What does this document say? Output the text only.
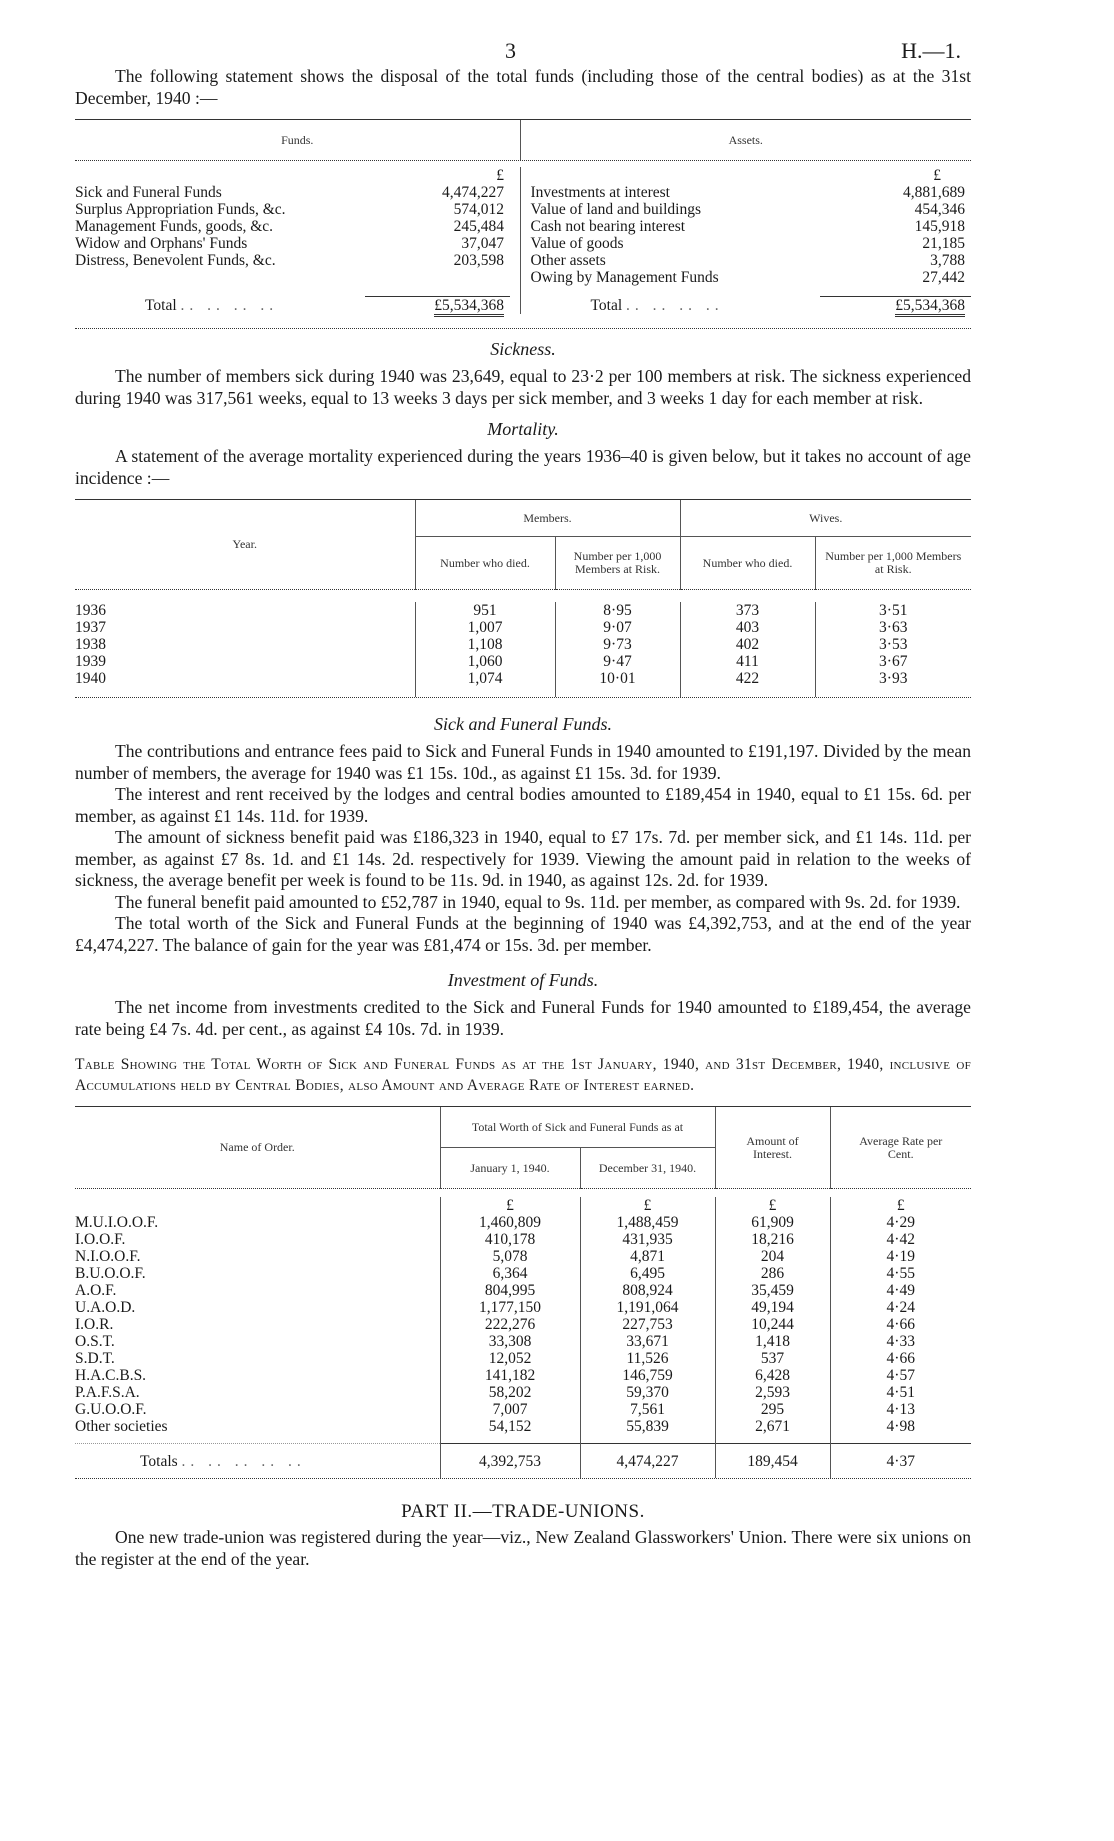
3	H.—1.

The following statement shows the disposal of the total funds (including those of the central bodies) as at the 31st December, 1940 :—

Funds.	Assets.
	£			£
Sick and Funeral Funds	4,474,227		Investments at interest	4,881,689
Surplus Appropriation Funds, &c.	574,012		Value of land and buildings	454,346
Management Funds, goods, &c.	245,484		Cash not bearing interest	145,918
Widow and Orphans' Funds	37,047		Value of goods	21,185
Distress, Benevolent Funds, &c.	203,598		Other assets	3,788
			Owing by Management Funds	27,442

Total .. .. .. ..	£5,534,368		Total .. .. .. ..	£5,534,368
Sickness.

The number of members sick during 1940 was 23,649, equal to 23·2 per 100 members at risk. The sickness experienced during 1940 was 317,561 weeks, equal to 13 weeks 3 days per sick member, and 3 weeks 1 day for each member at risk.

Mortality.

A statement of the average mortality experienced during the years 1936–40 is given below, but it takes no account of age incidence :—

Year.	Members.		Wives.	
	Number who died.	Number per 1,000 Members at Risk.	Number who died.	Number per 1,000 Members at Risk.

1936	951	8·95	373	3·51
1937	1,007	9·07	403	3·63
1938	1,108	9·73	402	3·53
1939	1,060	9·47	411	3·67
1940	1,074	10·01	422	3·93

Sick and Funeral Funds.

The contributions and entrance fees paid to Sick and Funeral Funds in 1940 amounted to £191,197. Divided by the mean number of members, the average for 1940 was £1 15s. 10d., as against £1 15s. 3d. for 1939.

The interest and rent received by the lodges and central bodies amounted to £189,454 in 1940, equal to £1 15s. 6d. per member, as against £1 14s. 11d. for 1939.

The amount of sickness benefit paid was £186,323 in 1940, equal to £7 17s. 7d. per member sick, and £1 14s. 11d. per member, as against £7 8s. 1d. and £1 14s. 2d. respectively for 1939. Viewing the amount paid in relation to the weeks of sickness, the average benefit per week is found to be 11s. 9d. in 1940, as against 12s. 2d. for 1939.

The funeral benefit paid amounted to £52,787 in 1940, equal to 9s. 11d. per member, as compared with 9s. 2d. for 1939.

The total worth of the Sick and Funeral Funds at the beginning of 1940 was £4,392,753, and at the end of the year £4,474,227. The balance of gain for the year was £81,474 or 15s. 3d. per member.

Investment of Funds.

The net income from investments credited to the Sick and Funeral Funds for 1940 amounted to £189,454, the average rate being £4 7s. 4d. per cent., as against £4 10s. 7d. in 1939.

Table Showing the Total Worth of Sick and Funeral Funds as at the 1st January, 1940, and 31st December, 1940, inclusive of Accumulations held by Central Bodies, also Amount and Average Rate of Interest earned.
Name of Order.	Total Worth of Sick and Funeral Funds as at		Amount of Interest.	Average Rate per Cent.
	January 1, 1940.	December 31, 1940.		

	£	£	£	£
M.U.I.O.O.F.	1,460,809	1,488,459	61,909	4·29
I.O.O.F.	410,178	431,935	18,216	4·42
N.I.O.O.F.	5,078	4,871	204	4·19
B.U.O.O.F.	6,364	6,495	286	4·55
A.O.F.	804,995	808,924	35,459	4·49
U.A.O.D.	1,177,150	1,191,064	49,194	4·24
I.O.R.	222,276	227,753	10,244	4·66
O.S.T.	33,308	33,671	1,418	4·33
S.D.T.	12,052	11,526	537	4·66
H.A.C.B.S.	141,182	146,759	6,428	4·57
P.A.F.S.A.	58,202	59,370	2,593	4·51
G.U.O.O.F.	7,007	7,561	295	4·13
Other societies	54,152	55,839	2,671	4·98

Totals .. .. .. .. ..	4,392,753	4,474,227	189,454	4·37
PART II.—TRADE-UNIONS.

One new trade-union was registered during the year—viz., New Zealand Glassworkers' Union. There were six unions on the register at the end of the year.
